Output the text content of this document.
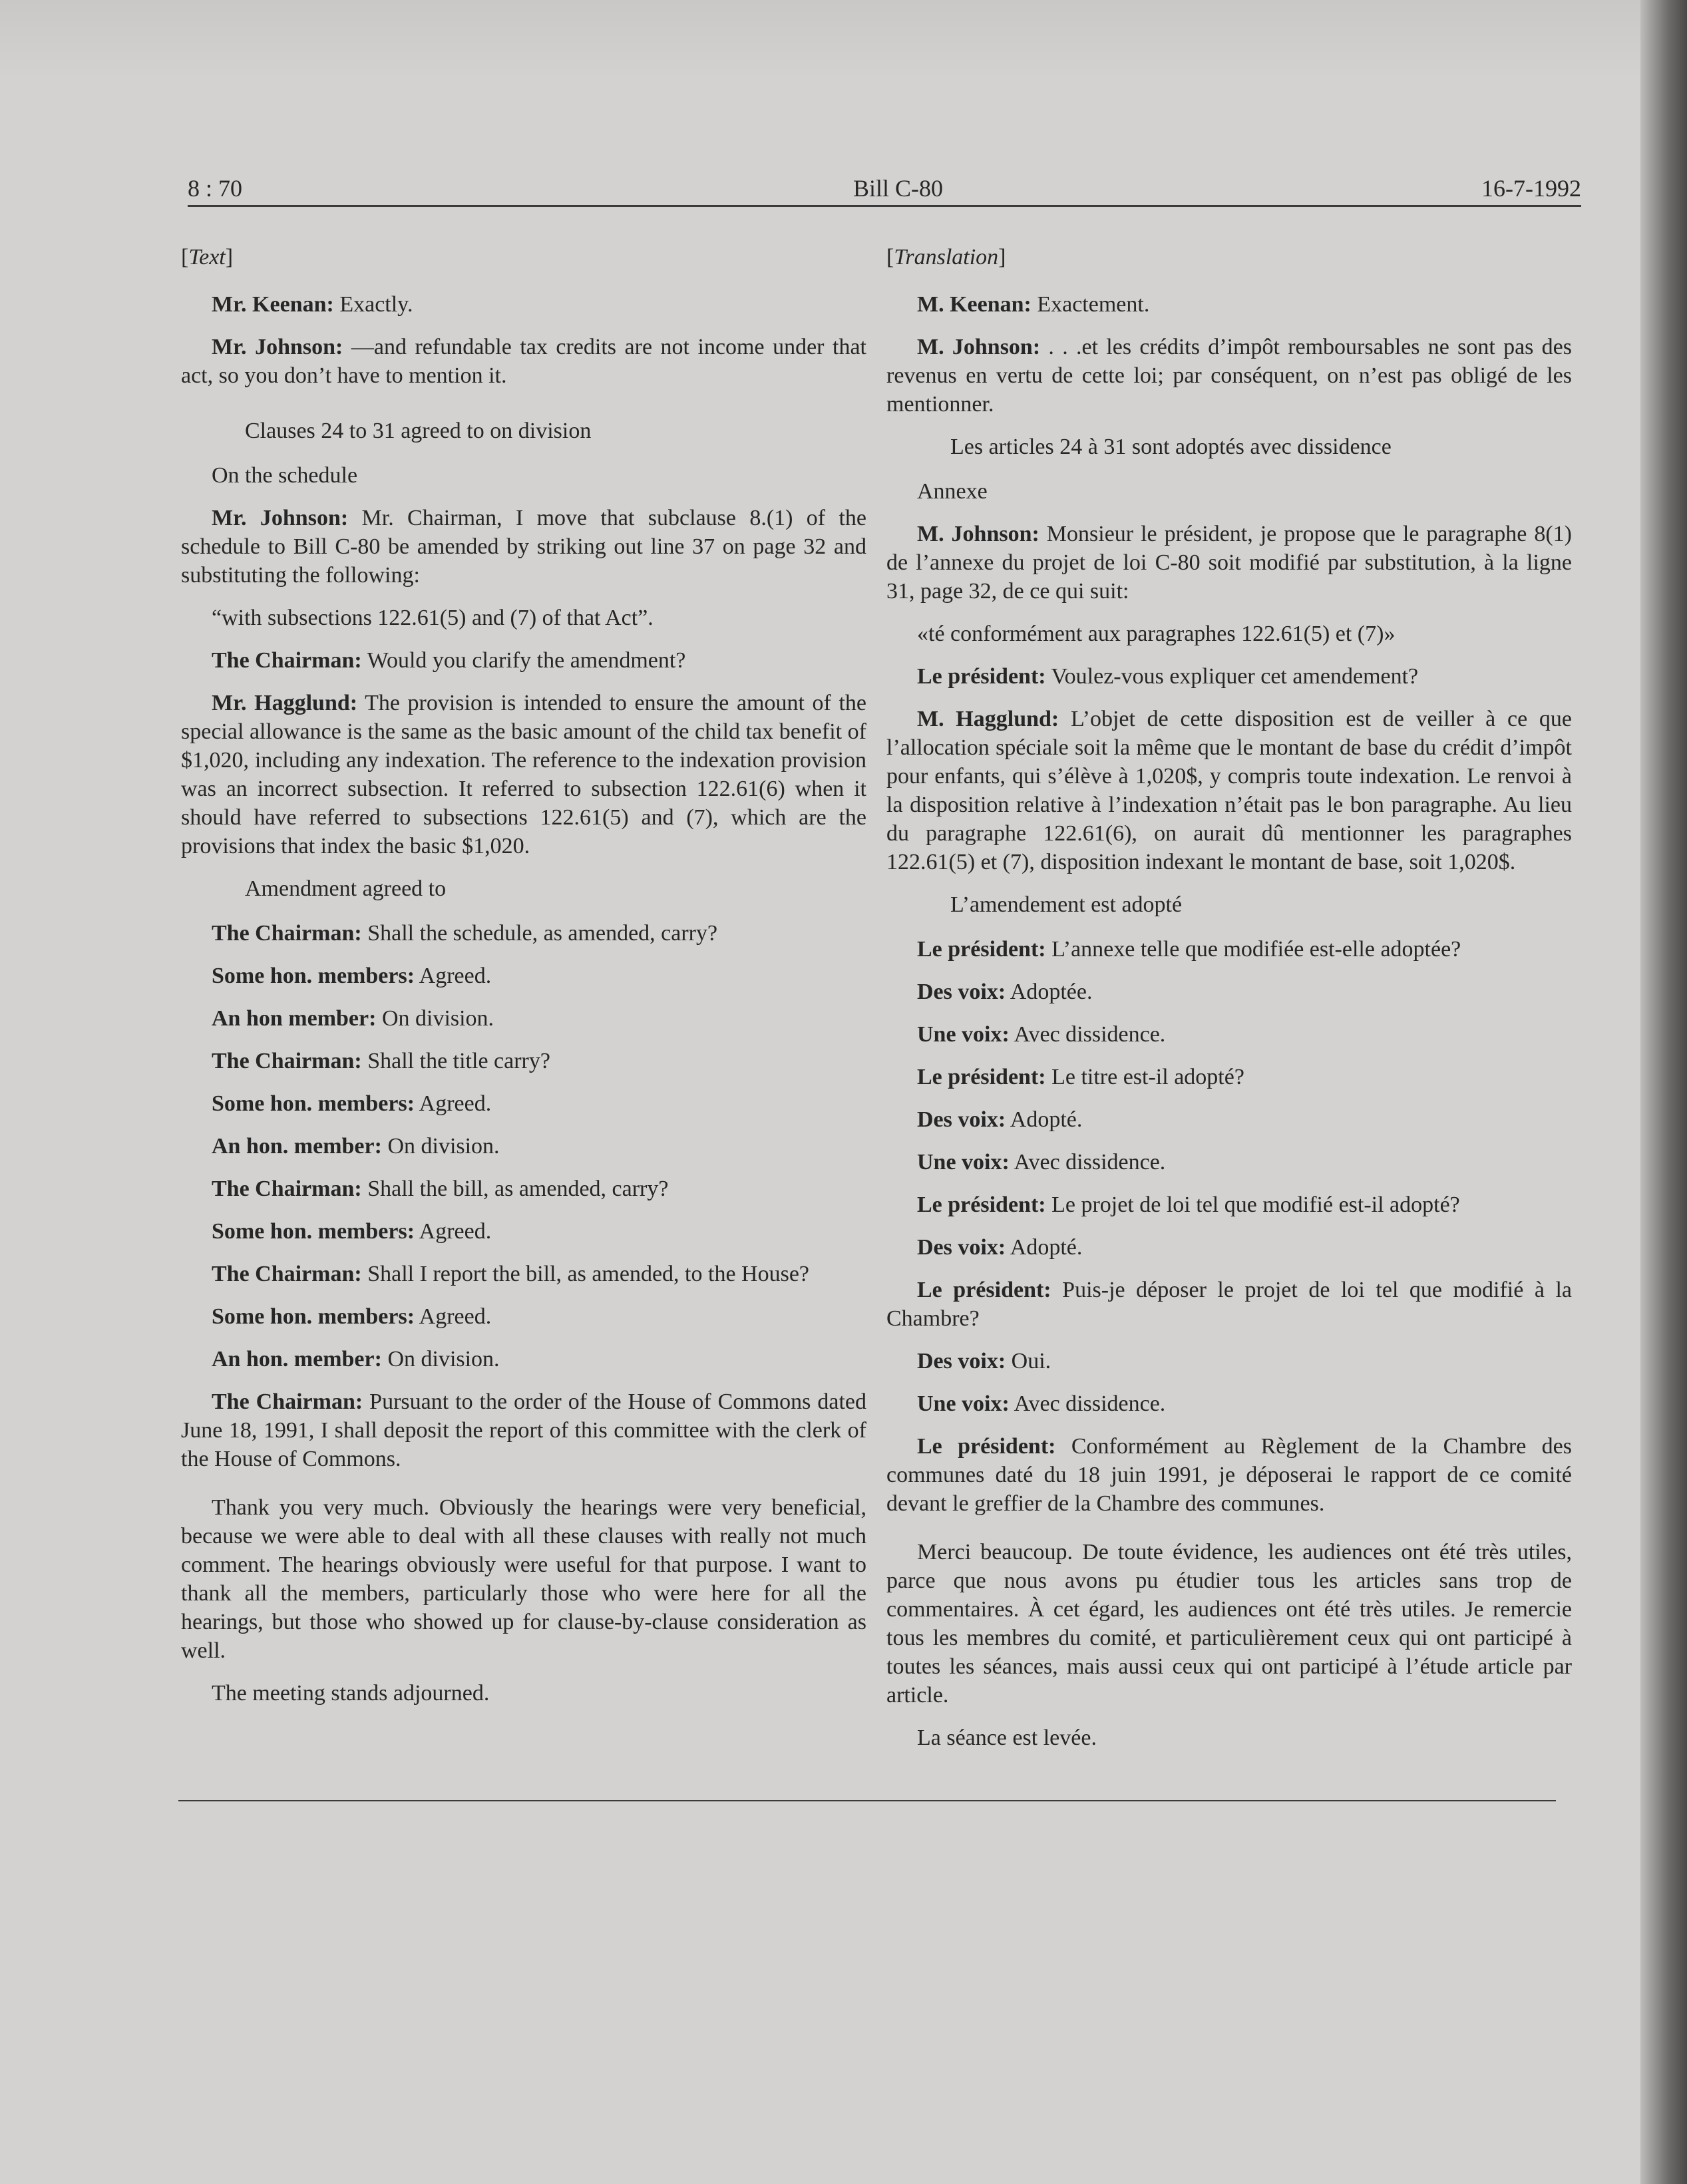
8 : 70	Bill C-80	16-7-1992

[Text]

Mr. Keenan: Exactly.

Mr. Johnson: —and refundable tax credits are not income under that act, so you don’t have to mention it.

Clauses 24 to 31 agreed to on division

On the schedule

Mr. Johnson: Mr. Chairman, I move that subclause 8.(1) of the schedule to Bill C-80 be amended by striking out line 37 on page 32 and substituting the following:

“with subsections 122.61(5) and (7) of that Act”.

The Chairman: Would you clarify the amendment?

Mr. Hagglund: The provision is intended to ensure the amount of the special allowance is the same as the basic amount of the child tax benefit of $1,020, including any indexation. The reference to the indexation provision was an incorrect subsection. It referred to subsection 122.61(6) when it should have referred to subsections 122.61(5) and (7), which are the provisions that index the basic $1,020.

Amendment agreed to

The Chairman: Shall the schedule, as amended, carry?

Some hon. members: Agreed.

An hon member: On division.

The Chairman: Shall the title carry?

Some hon. members: Agreed.

An hon. member: On division.

The Chairman: Shall the bill, as amended, carry?

Some hon. members: Agreed.

The Chairman: Shall I report the bill, as amended, to the House?

Some hon. members: Agreed.

An hon. member: On division.

The Chairman: Pursuant to the order of the House of Commons dated June 18, 1991, I shall deposit the report of this committee with the clerk of the House of Commons.

Thank you very much. Obviously the hearings were very beneficial, because we were able to deal with all these clauses with really not much comment. The hearings obviously were useful for that purpose. I want to thank all the members, particularly those who were here for all the hearings, but those who showed up for clause-by-clause consideration as well.

The meeting stands adjourned.

[Translation]

M. Keenan: Exactement.

M. Johnson: . . .et les crédits d’impôt remboursables ne sont pas des revenus en vertu de cette loi; par conséquent, on n’est pas obligé de les mentionner.

Les articles 24 à 31 sont adoptés avec dissidence

Annexe

M. Johnson: Monsieur le président, je propose que le paragraphe 8(1) de l’annexe du projet de loi C-80 soit modifié par substitution, à la ligne 31, page 32, de ce qui suit:

«té conformément aux paragraphes 122.61(5) et (7)»

Le président: Voulez-vous expliquer cet amendement?

M. Hagglund: L’objet de cette disposition est de veiller à ce que l’allocation spéciale soit la même que le montant de base du crédit d’impôt pour enfants, qui s’élève à 1,020$, y compris toute indexation. Le renvoi à la disposition relative à l’indexation n’était pas le bon paragraphe. Au lieu du paragraphe 122.61(6), on aurait dû mentionner les paragraphes 122.61(5) et (7), disposition indexant le montant de base, soit 1,020$.

L’amendement est adopté

Le président: L’annexe telle que modifiée est-elle adoptée?

Des voix: Adoptée.

Une voix: Avec dissidence.

Le président: Le titre est-il adopté?

Des voix: Adopté.

Une voix: Avec dissidence.

Le président: Le projet de loi tel que modifié est-il adopté?

Des voix: Adopté.

Le président: Puis-je déposer le projet de loi tel que modifié à la Chambre?

Des voix: Oui.

Une voix: Avec dissidence.

Le président: Conformément au Règlement de la Chambre des communes daté du 18 juin 1991, je déposerai le rapport de ce comité devant le greffier de la Chambre des communes.

Merci beaucoup. De toute évidence, les audiences ont été très utiles, parce que nous avons pu étudier tous les articles sans trop de commentaires. À cet égard, les audiences ont été très utiles. Je remercie tous les membres du comité, et particulièrement ceux qui ont participé à toutes les séances, mais aussi ceux qui ont participé à l’étude article par article.

La séance est levée.
